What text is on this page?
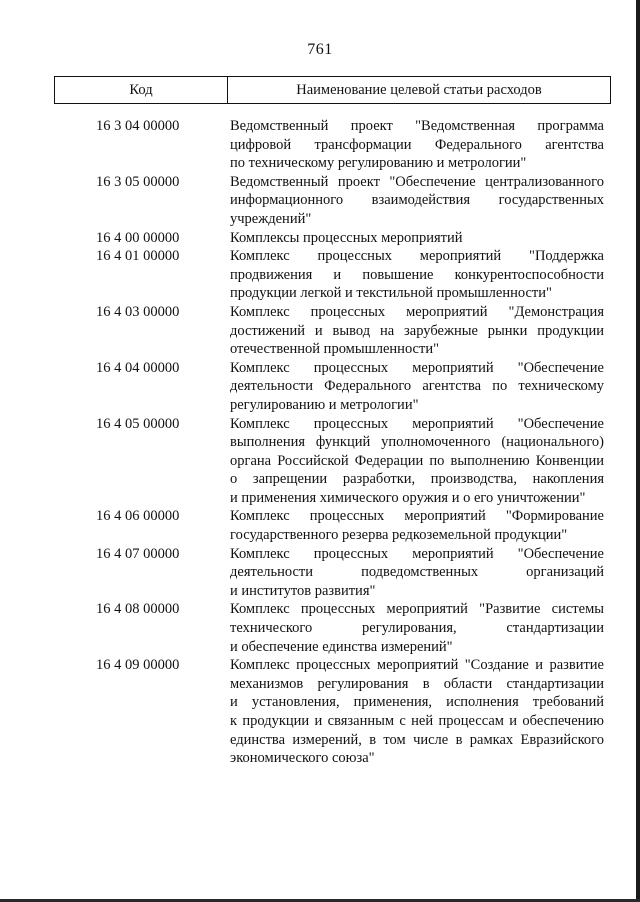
761
Код	Наименование целевой статьи расходов
16 3 04 00000	Ведомственный проект "Ведомственная программа
цифровой трансформации Федерального агентства
по техническому регулированию и метрологии"
16 3 05 00000	Ведомственный проект "Обеспечение централизованного
информационного взаимодействия государственных
учреждений"
16 4 00 00000	Комплексы процессных мероприятий
16 4 01 00000	Комплекс процессных мероприятий "Поддержка
продвижения и повышение конкурентоспособности
продукции легкой и текстильной промышленности"
16 4 03 00000	Комплекс процессных мероприятий "Демонстрация
достижений и вывод на зарубежные рынки продукции
отечественной промышленности"
16 4 04 00000	Комплекс процессных мероприятий "Обеспечение
деятельности Федерального агентства по техническому
регулированию и метрологии"
16 4 05 00000	Комплекс процессных мероприятий "Обеспечение
выполнения функций уполномоченного (национального)
органа Российской Федерации по выполнению Конвенции
о запрещении разработки, производства, накопления
и применения химического оружия и о его уничтожении"
16 4 06 00000	Комплекс процессных мероприятий "Формирование
государственного резерва редкоземельной продукции"
16 4 07 00000	Комплекс процессных мероприятий "Обеспечение
деятельности подведомственных организаций
и институтов развития"
16 4 08 00000	Комплекс процессных мероприятий "Развитие системы
технического регулирования, стандартизации
и обеспечение единства измерений"
16 4 09 00000	Комплекс процессных мероприятий "Создание и развитие
механизмов регулирования в области стандартизации
и установления, применения, исполнения требований
к продукции и связанным с ней процессам и обеспечению
единства измерений, в том числе в рамках Евразийского
экономического союза"
